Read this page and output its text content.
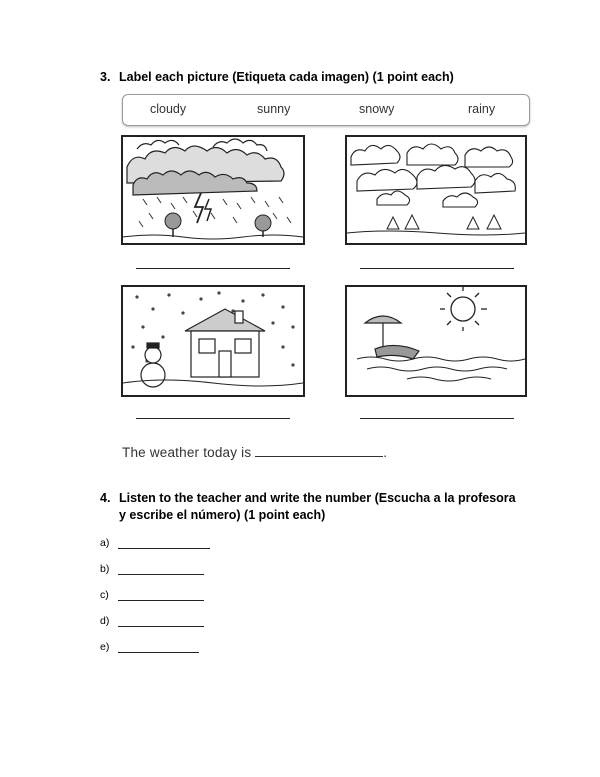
3. Label each picture (Etiqueta cada imagen) (1 point each)
cloudy	sunny	snowy	rainy
The weather today is	.
4. Listen to the teacher and write the number (Escucha a la profesora y escribe el número) (1 point each)
a)
b)
c)
d)
e)
